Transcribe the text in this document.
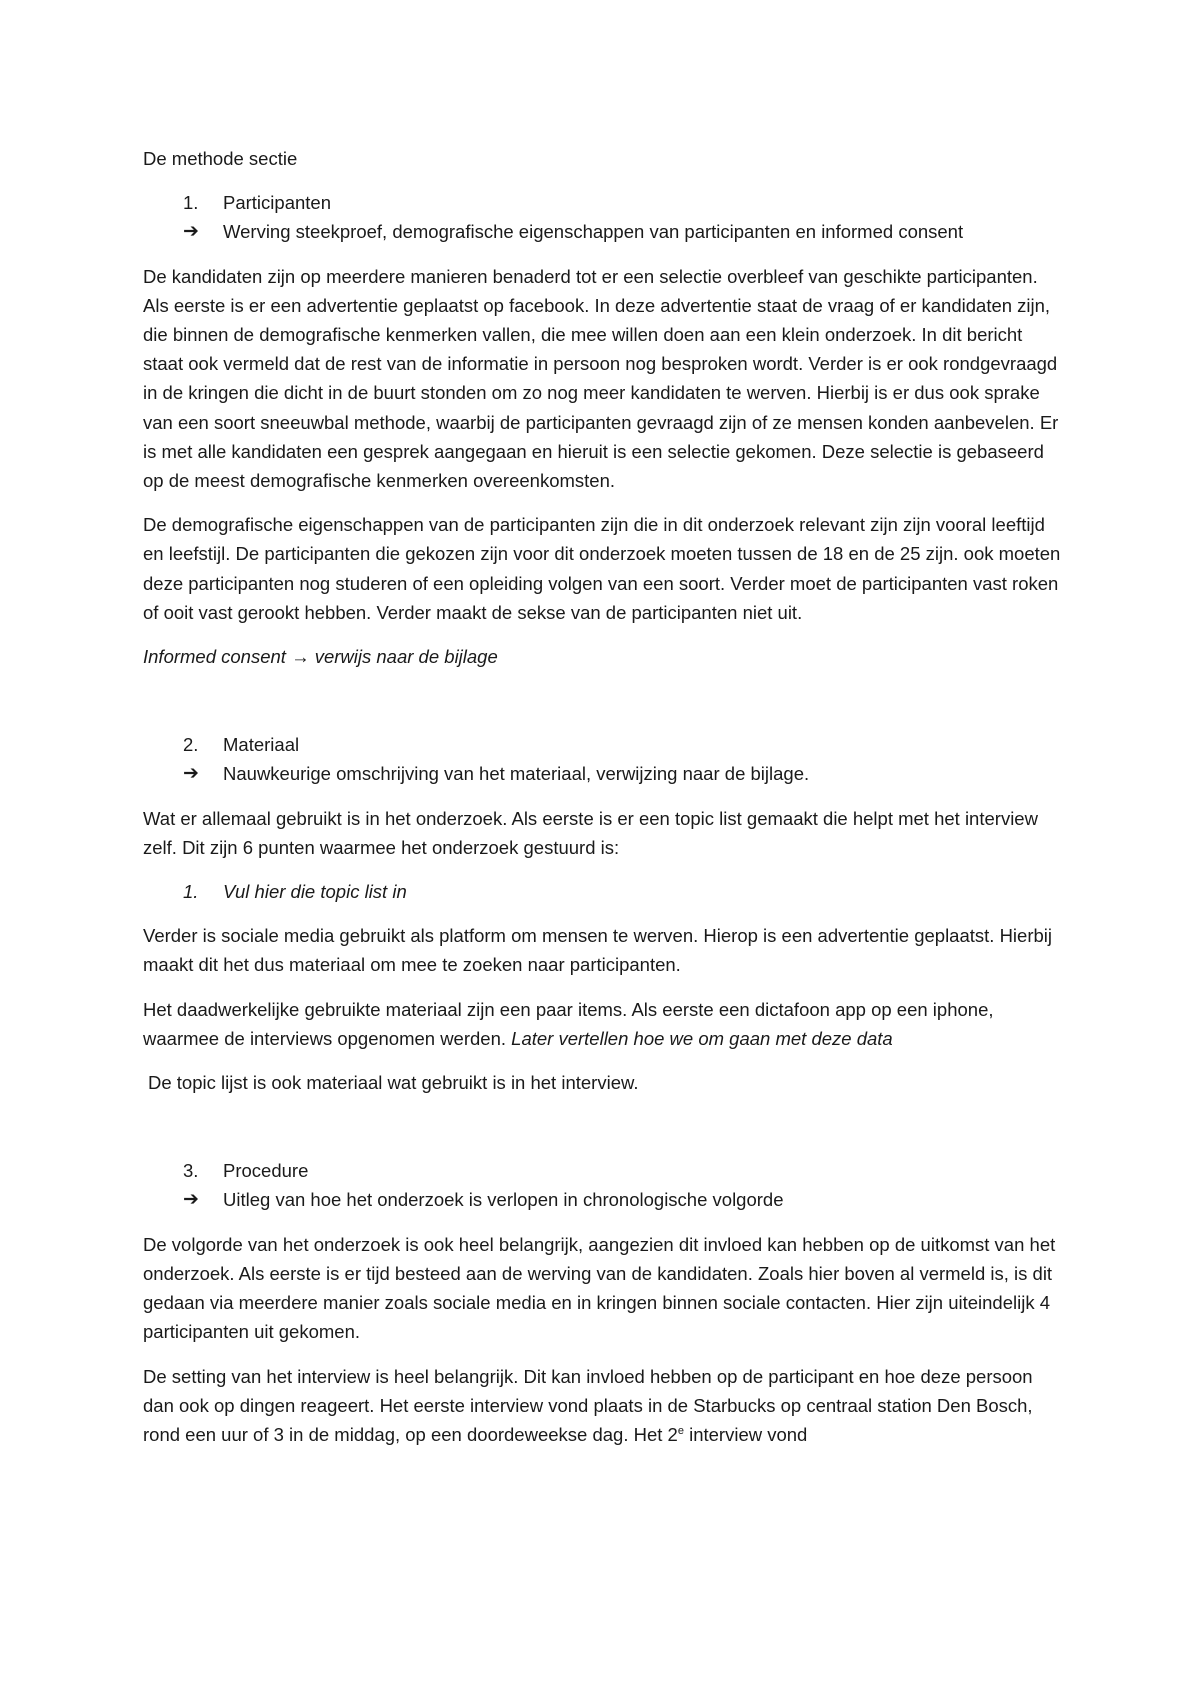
De methode sectie

1.	Participanten
➔	Werving steekproef, demografische eigenschappen van participanten en informed consent

De kandidaten zijn op meerdere manieren benaderd tot er een selectie overbleef van geschikte participanten. Als eerste is er een advertentie geplaatst op facebook. In deze advertentie staat de vraag of er kandidaten zijn, die binnen de demografische kenmerken vallen, die mee willen doen aan een klein onderzoek. In dit bericht staat ook vermeld dat de rest van de informatie in persoon nog besproken wordt. Verder is er ook rondgevraagd in de kringen die dicht in de buurt stonden om zo nog meer kandidaten te werven. Hierbij is er dus ook sprake van een soort sneeuwbal methode, waarbij de participanten gevraagd zijn of ze mensen konden aanbevelen. Er is met alle kandidaten een gesprek aangegaan en hieruit is een selectie gekomen. Deze selectie is gebaseerd op de meest demografische kenmerken overeenkomsten.

De demografische eigenschappen van de participanten zijn die in dit onderzoek relevant zijn zijn vooral leeftijd en leefstijl. De participanten die gekozen zijn voor dit onderzoek moeten tussen de 18 en de 25 zijn. ook moeten deze participanten nog studeren of een opleiding volgen van een soort. Verder moet de participanten vast roken of ooit vast gerookt hebben. Verder maakt de sekse van de participanten niet uit.

Informed consent → verwijs naar de bijlage

2.	Materiaal
➔	Nauwkeurige omschrijving van het materiaal, verwijzing naar de bijlage.

Wat er allemaal gebruikt is in het onderzoek. Als eerste is er een topic list gemaakt die helpt met het interview zelf. Dit zijn 6 punten waarmee het onderzoek gestuurd is:

1.	Vul hier die topic list in

Verder is sociale media gebruikt als platform om mensen te werven. Hierop is een advertentie geplaatst. Hierbij maakt dit het dus materiaal om mee te zoeken naar participanten.

Het daadwerkelijke gebruikte materiaal zijn een paar items. Als eerste een dictafoon app op een iphone, waarmee de interviews opgenomen werden. Later vertellen hoe we om gaan met deze data

De topic lijst is ook materiaal wat gebruikt is in het interview.

3.	Procedure
➔	Uitleg van hoe het onderzoek is verlopen in chronologische volgorde

De volgorde van het onderzoek is ook heel belangrijk, aangezien dit invloed kan hebben op de uitkomst van het onderzoek. Als eerste is er tijd besteed aan de werving van de kandidaten. Zoals hier boven al vermeld is, is dit gedaan via meerdere manier zoals sociale media en in kringen binnen sociale contacten. Hier zijn uiteindelijk 4 participanten uit gekomen.

De setting van het interview is heel belangrijk. Dit kan invloed hebben op de participant en hoe deze persoon dan ook op dingen reageert. Het eerste interview vond plaats in de Starbucks op centraal station Den Bosch, rond een uur of 3 in de middag, op een doordeweekse dag. Het 2e interview vond
